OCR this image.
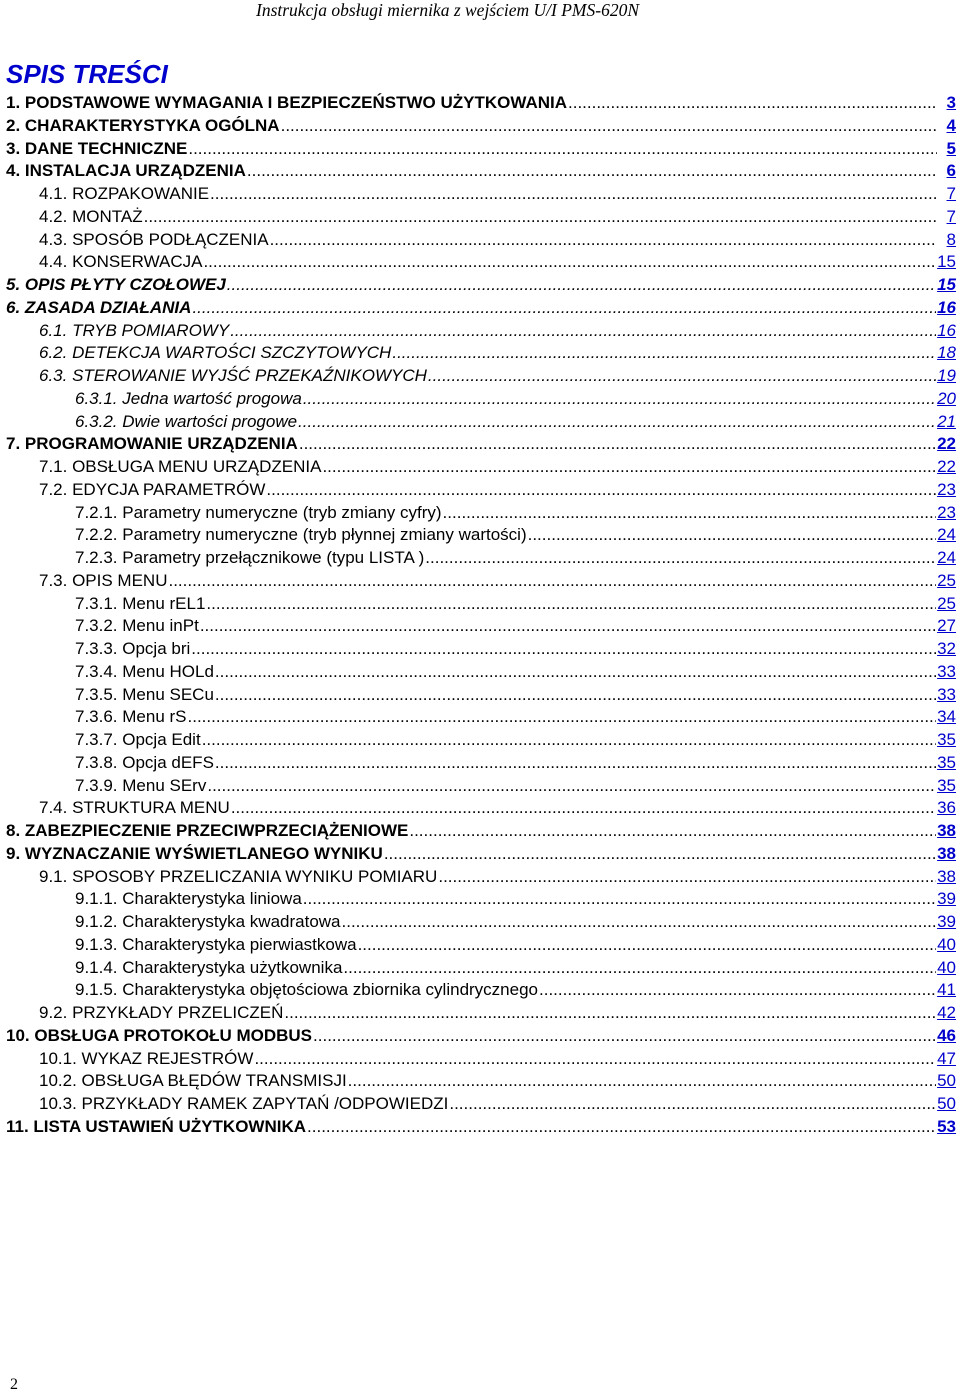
Instrukcja obsługi miernika z wejściem U/I PMS-620N
SPIS TREŚCI
1. PODSTAWOWE WYMAGANIA I BEZPIECZEŃSTWO UŻYTKOWANIA .....	3
2. CHARAKTERYSTYKA OGÓLNA .....	4
3. DANE TECHNICZNE .....	5
4. INSTALACJA URZĄDZENIA .....	6
4.1. ROZPAKOWANIE .....	7
4.2. MONTAŻ .....	7
4.3. SPOSÓB PODŁĄCZENIA .....	8
4.4. KONSERWACJA .....	15
5. OPIS PŁYTY CZOŁOWEJ .....	15
6. ZASADA DZIAŁANIA .....	16
6.1. TRYB POMIAROWY .....	16
6.2. DETEKCJA WARTOŚCI SZCZYTOWYCH .....	18
6.3. STEROWANIE WYJŚĆ PRZEKAŹNIKOWYCH .....	19
6.3.1. Jedna wartość progowa .....	20
6.3.2. Dwie wartości progowe .....	21
7. PROGRAMOWANIE URZĄDZENIA .....	22
7.1. OBSŁUGA MENU URZĄDZENIA .....	22
7.2. EDYCJA PARAMETRÓW .....	23
7.2.1. Parametry numeryczne (tryb zmiany cyfry) .....	23
7.2.2. Parametry numeryczne (tryb płynnej zmiany wartości) .....	24
7.2.3. Parametry przełącznikowe (typu LISTA ) .....	24
7.3. OPIS MENU .....	25
7.3.1. Menu rEL1 .....	25
7.3.2. Menu inPt .....	27
7.3.3. Opcja bri .....	32
7.3.4. Menu HOLd .....	33
7.3.5. Menu SECu .....	33
7.3.6. Menu rS .....	34
7.3.7. Opcja Edit .....	35
7.3.8. Opcja dEFS .....	35
7.3.9. Menu SErv .....	35
7.4. STRUKTURA MENU .....	36
8. ZABEZPIECZENIE PRZECIWPRZECIĄŻENIOWE .....	38
9. WYZNACZANIE WYŚWIETLANEGO WYNIKU .....	38
9.1. SPOSOBY PRZELICZANIA WYNIKU POMIARU .....	38
9.1.1. Charakterystyka liniowa .....	39
9.1.2. Charakterystyka kwadratowa .....	39
9.1.3. Charakterystyka pierwiastkowa .....	40
9.1.4. Charakterystyka użytkownika .....	40
9.1.5. Charakterystyka objętościowa zbiornika cylindrycznego .....	41
9.2. PRZYKŁADY PRZELICZEŃ .....	42
10. OBSŁUGA PROTOKOŁU MODBUS .....	46
10.1. WYKAZ REJESTRÓW .....	47
10.2. OBSŁUGA BŁĘDÓW TRANSMISJI .....	50
10.3. PRZYKŁADY RAMEK ZAPYTAŃ /ODPOWIEDZI .....	50
11. LISTA USTAWIEŃ UŻYTKOWNIKA .....	53
2
